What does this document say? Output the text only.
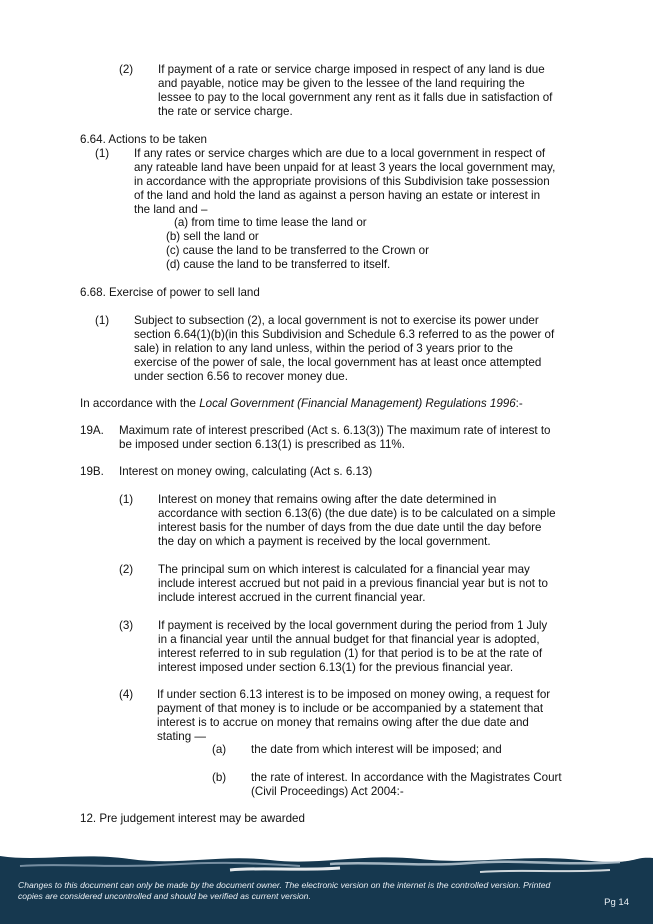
(2) If payment of a rate or service charge imposed in respect of any land is due

and payable, notice may be given to the lessee of the land requiring the

lessee to pay to the local government any rent as it falls due in satisfaction of

the rate or service charge.

6.64. Actions to be taken
(1) If any rates or service charges which are due to a local government in respect of

any rateable land have been unpaid for at least 3 years the local government may,

in accordance with the appropriate provisions of this Subdivision take possession

of the land and hold the land as against a person having an estate or interest in

the land and –

(a) from time to time lease the land or
(b) sell the land or
(c) cause the land to be transferred to the Crown or
(d) cause the land to be transferred to itself.
6.68. Exercise of power to sell land
(1) Subject to subsection (2), a local government is not to exercise its power under

section 6.64(1)(b)(in this Subdivision and Schedule 6.3 referred to as the power of

sale) in relation to any land unless, within the period of 3 years prior to the

exercise of the power of sale, the local government has at least once attempted

under section 6.56 to recover money due.

In accordance with the Local Government (Financial Management) Regulations 1996:-
19A. Maximum rate of interest prescribed (Act s. 6.13(3)) The maximum rate of interest to

be imposed under section 6.13(1) is prescribed as 11%.

19B. Interest on money owing, calculating (Act s. 6.13)
(1) Interest on money that remains owing after the date determined in

accordance with section 6.13(6) (the due date) is to be calculated on a simple

interest basis for the number of days from the due date until the day before

the day on which a payment is received by the local government.

(2) The principal sum on which interest is calculated for a financial year may

include interest accrued but not paid in a previous financial year but is not to

include interest accrued in the current financial year.

(3) If payment is received by the local government during the period from 1 July

in a financial year until the annual budget for that financial year is adopted,

interest referred to in sub regulation (1) for that period is to be at the rate of

interest imposed under section 6.13(1) for the previous financial year.

(4) If under section 6.13 interest is to be imposed on money owing, a request for

payment of that money is to include or be accompanied by a statement that

interest is to accrue on money that remains owing after the due date and

stating —

(a) the date from which interest will be imposed; and
(b) the rate of interest. In accordance with the Magistrates Court

(Civil Proceedings) Act 2004:-

12. Pre judgement interest may be awarded
Changes to this document can only be made by the document owner. The electronic version on the internet is the controlled version. Printed
copies are considered uncontrolled and should be verified as current version.
Pg 14
